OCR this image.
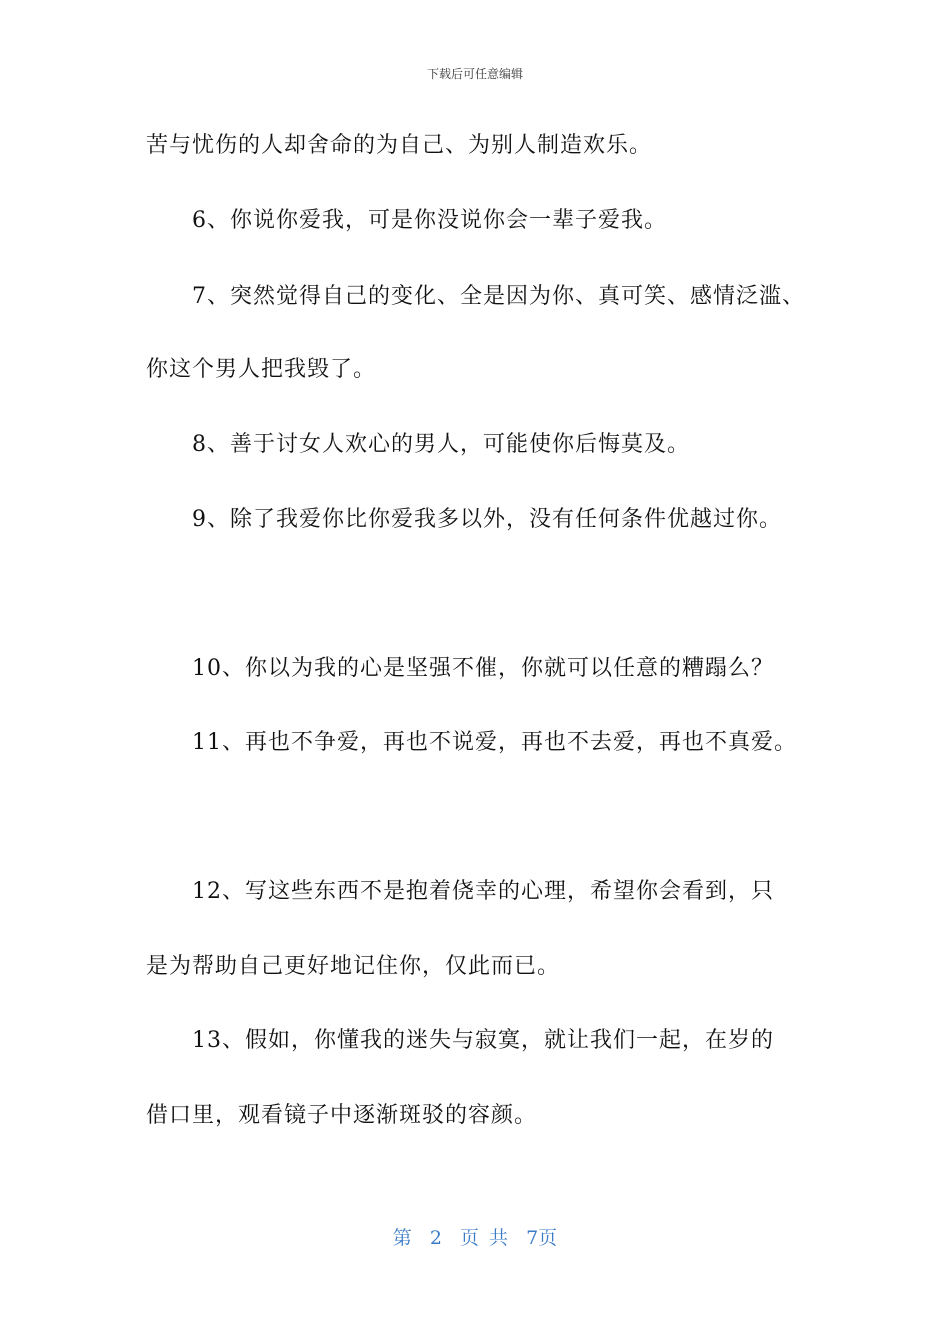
下载后可任意编辑
苦与忧伤的人却舍命的为自己、为别人制造欢乐。
6、你说你爱我，可是你没说你会一辈子爱我。
7、突然觉得自己的变化、全是因为你、真可笑、感情泛滥、
你这个男人把我毁了。
8、善于讨女人欢心的男人，可能使你后悔莫及。
9、除了我爱你比你爱我多以外，没有任何条件优越过你。
10、你以为我的心是坚强不催，你就可以任意的糟蹋么？
11、再也不争爱，再也不说爱，再也不去爱，再也不真爱。
12、写这些东西不是抱着侥幸的心理，希望你会看到，只
是为帮助自己更好地记住你，仅此而已。
13、假如，你懂我的迷失与寂寞，就让我们一起，在岁的
借口里，观看镜子中逐渐斑驳的容颜。
第 2 页 共 7页
